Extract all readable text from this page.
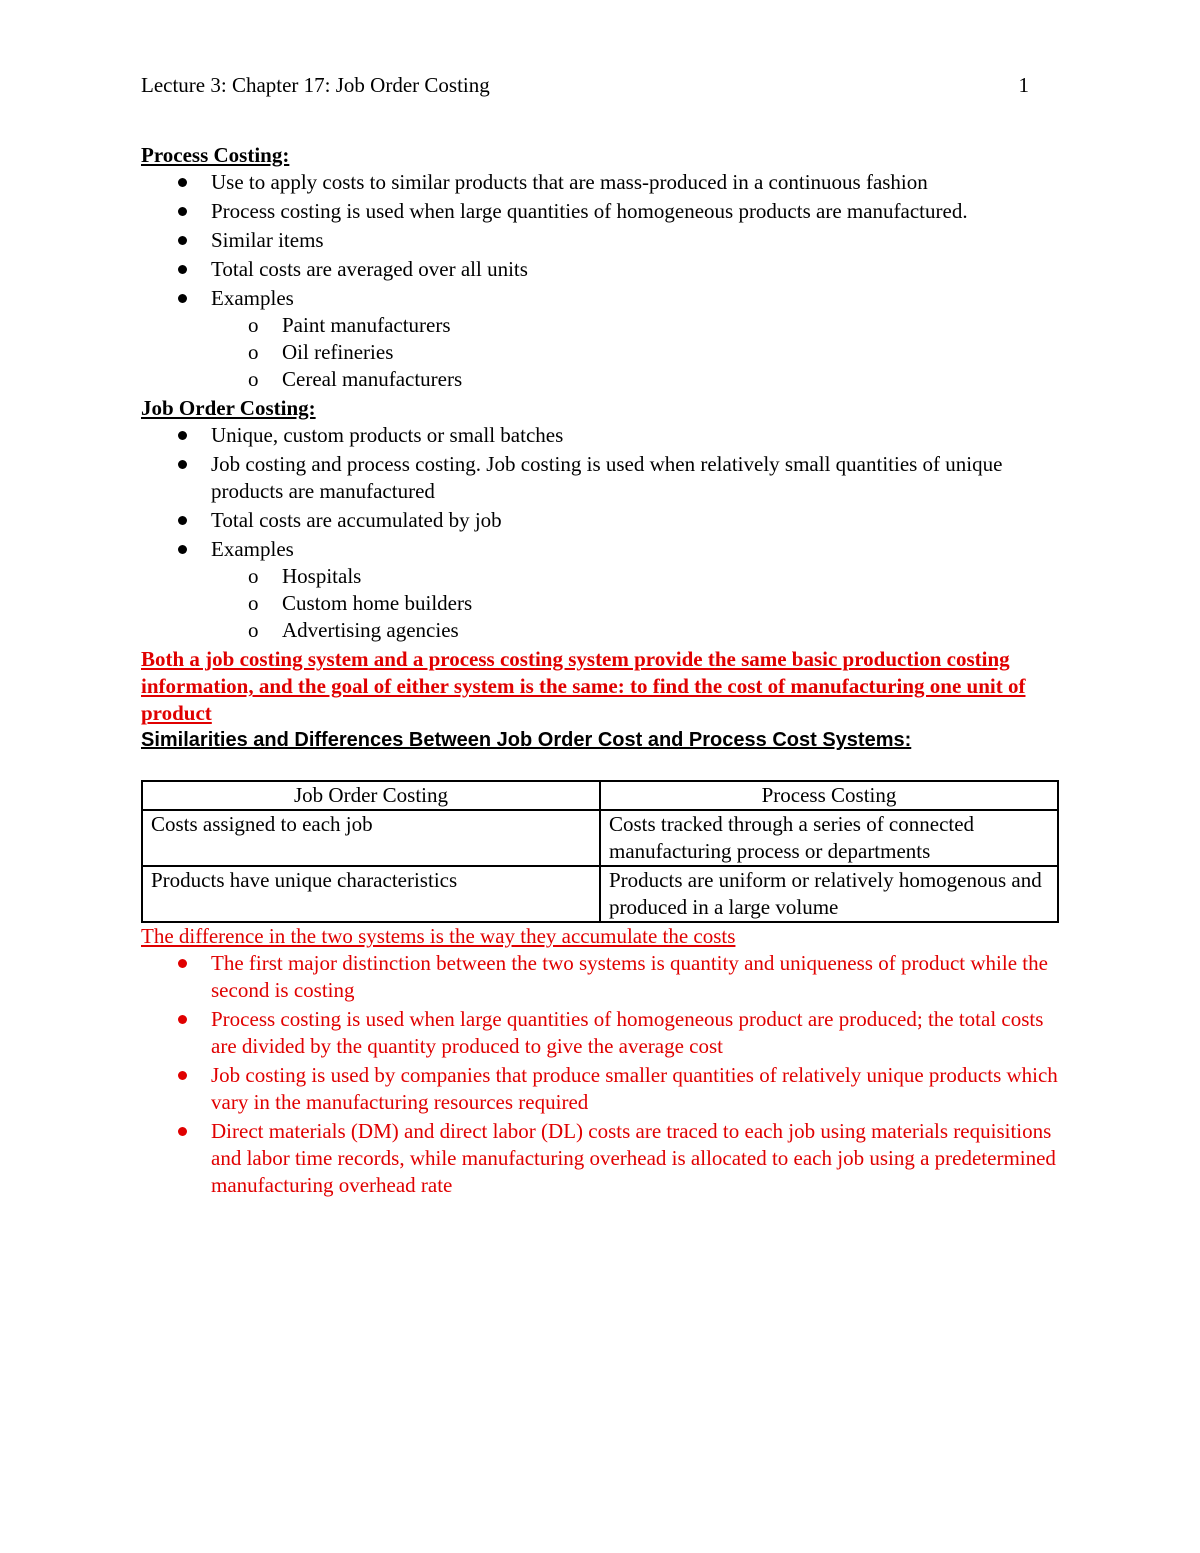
Lecture 3: Chapter 17: Job Order Costing	1

Process Costing:

Use to apply costs to similar products that are mass-produced in a continuous fashion
Process costing is used when large quantities of homogeneous products are manufactured.
Similar items
Total costs are averaged over all units
Examples
o Paint manufacturers
o Oil refineries
o Cereal manufacturers

Job Order Costing:

Unique, custom products or small batches
Job costing and process costing. Job costing is used when relatively small quantities of unique products are manufactured
Total costs are accumulated by job
Examples
o Hospitals
o Custom home builders
o Advertising agencies

Both a job costing system and a process costing system provide the same basic production costing information, and the goal of either system is the same: to find the cost of manufacturing one unit of product

Similarities and Differences Between Job Order Cost and Process Cost Systems:

Job Order Costing	Process Costing
Costs assigned to each job	Costs tracked through a series of connected manufacturing process or departments
Products have unique characteristics	Products are uniform or relatively homogenous and produced in a large volume

The difference in the two systems is the way they accumulate the costs

The first major distinction between the two systems is quantity and uniqueness of product while the second is costing
Process costing is used when large quantities of homogeneous product are produced; the total costs are divided by the quantity produced to give the average cost
Job costing is used by companies that produce smaller quantities of relatively unique products which vary in the manufacturing resources required
Direct materials (DM) and direct labor (DL) costs are traced to each job using materials requisitions and labor time records, while manufacturing overhead is allocated to each job using a predetermined manufacturing overhead rate
